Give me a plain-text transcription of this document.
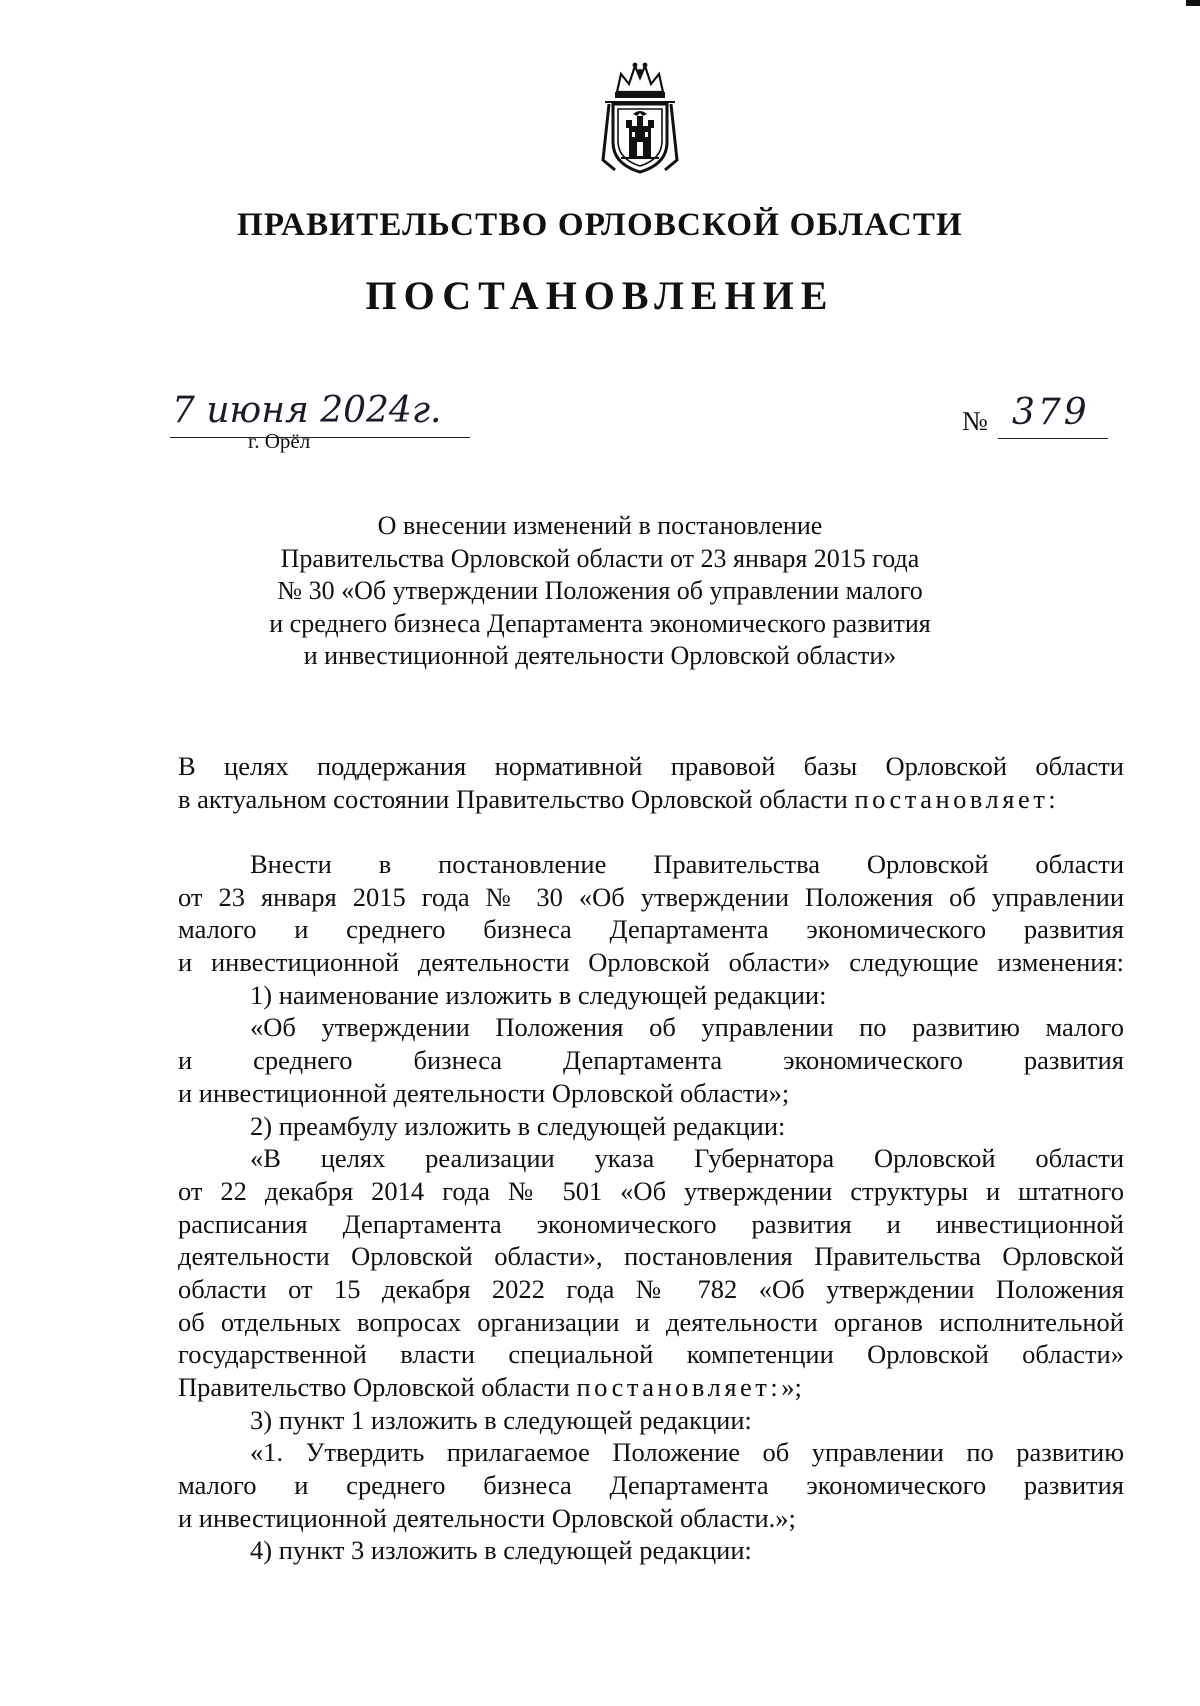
ПРАВИТЕЛЬСТВО ОРЛОВСКОЙ ОБЛАСТИ
ПОСТАНОВЛЕНИЕ
7 июня 2024г.
г. Орёл
№ 379
О внесении изменений в постановление
Правительства Орловской области от 23 января 2015 года
№ 30 «Об утверждении Положения об управлении малого
и среднего бизнеса Департамента экономического развития
и инвестиционной деятельности Орловской области»
В целях поддержания нормативной правовой базы Орловской области
в актуальном состоянии Правительство Орловской области постановляет:
Внести в постановление Правительства Орловской области
от 23 января 2015 года № 30 «Об утверждении Положения об управлении
малого и среднего бизнеса Департамента экономического развития
и инвестиционной деятельности Орловской области» следующие изменения:
1) наименование изложить в следующей редакции:
«Об утверждении Положения об управлении по развитию малого
и среднего бизнеса Департамента экономического развития
и инвестиционной деятельности Орловской области»;
2) преамбулу изложить в следующей редакции:
«В целях реализации указа Губернатора Орловской области
от 22 декабря 2014 года № 501 «Об утверждении структуры и штатного
расписания Департамента экономического развития и инвестиционной
деятельности Орловской области», постановления Правительства Орловской
области от 15 декабря 2022 года № 782 «Об утверждении Положения
об отдельных вопросах организации и деятельности органов исполнительной
государственной власти специальной компетенции Орловской области»
Правительство Орловской области постановляет:»;
3) пункт 1 изложить в следующей редакции:
«1. Утвердить прилагаемое Положение об управлении по развитию
малого и среднего бизнеса Департамента экономического развития
и инвестиционной деятельности Орловской области.»;
4) пункт 3 изложить в следующей редакции:
